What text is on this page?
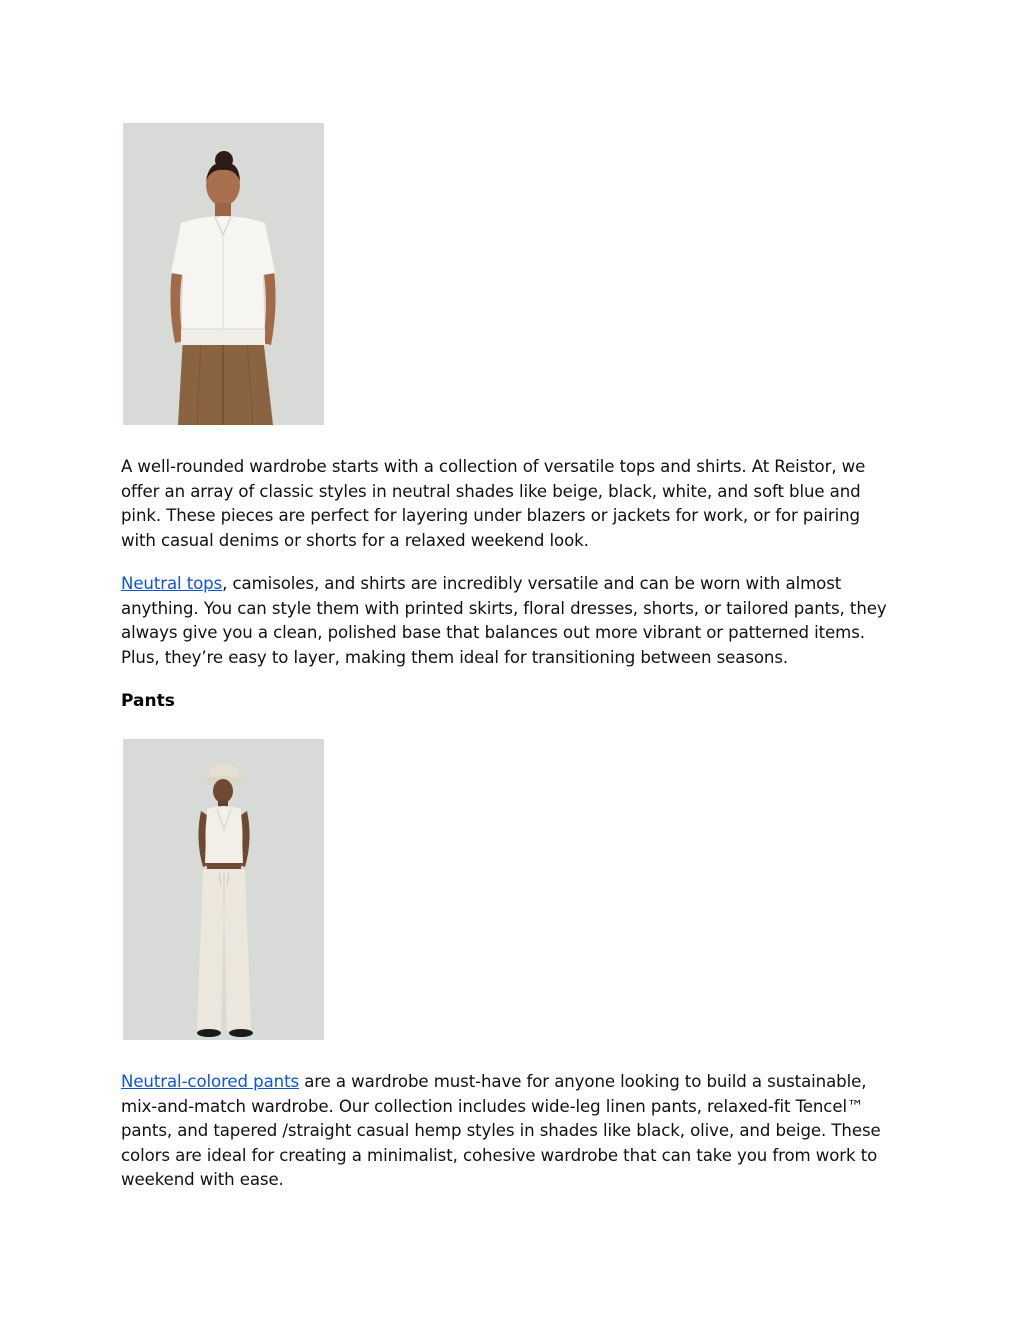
A well-rounded wardrobe starts with a collection of versatile tops and shirts. At Reistor, we offer an array of classic styles in neutral shades like beige, black, white, and soft blue and pink. These pieces are perfect for layering under blazers or jackets for work, or for pairing with casual denims or shorts for a relaxed weekend look.

Neutral tops, camisoles, and shirts are incredibly versatile and can be worn with almost anything. You can style them with printed skirts, floral dresses, shorts, or tailored pants, they always give you a clean, polished base that balances out more vibrant or patterned items. Plus, they’re easy to layer, making them ideal for transitioning between seasons.

Pants

Neutral-colored pants are a wardrobe must-have for anyone looking to build a sustainable, mix-and-match wardrobe. Our collection includes wide-leg linen pants, relaxed-fit Tencel™ pants, and tapered /straight casual hemp styles in shades like black, olive, and beige. These colors are ideal for creating a minimalist, cohesive wardrobe that can take you from work to weekend with ease.
